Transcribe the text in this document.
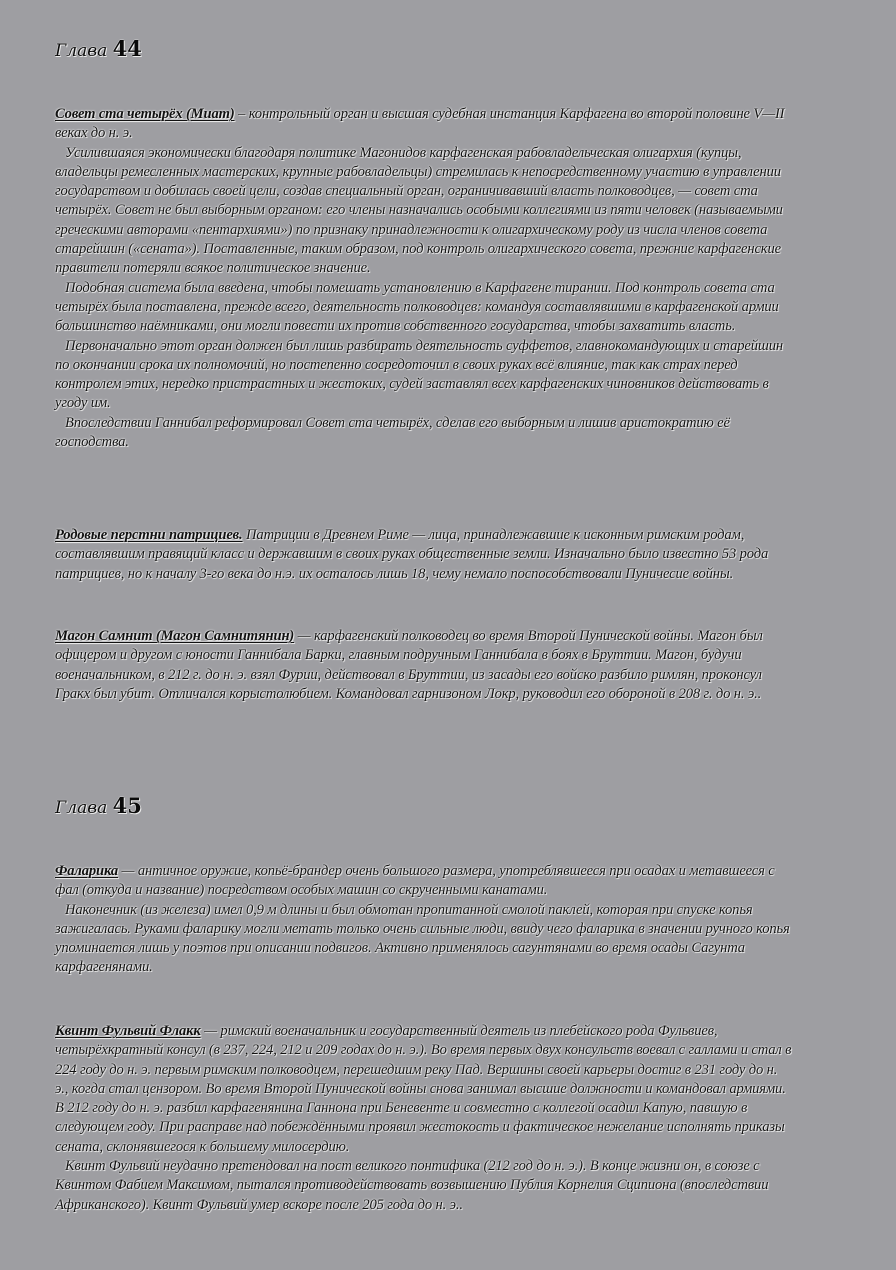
Глава 44

Совет ста четырёх (Миат) – контрольный орган и высшая судебная инстанция Карфагена во второй половине V—II веках до н. э.

Усилившаяся экономически благодаря политике Магонидов карфагенская рабовладельческая олигархия (купцы, владельцы ремесленных мастерских, крупные рабовладельцы) стремилась к непосредственному участию в управлении государством и добилась своей цели, создав специальный орган, ограничивавший власть полководцев, — совет ста четырёх. Совет не был выборным органом: его члены назначались особыми коллегиями из пяти человек (называемыми греческими авторами «пентархиями») по признаку принадлежности к олигархическому роду из числа членов совета старейшин («сената»). Поставленные, таким образом, под контроль олигархического совета, прежние карфагенские правители потеряли всякое политическое значение.

Подобная система была введена, чтобы помешать установлению в Карфагене тирании. Под контроль совета ста четырёх была поставлена, прежде всего, деятельность полководцев: командуя составлявшими в карфагенской армии большинство наёмниками, они могли повести их против собственного государства, чтобы захватить власть.

Первоначально этот орган должен был лишь разбирать деятельность суффетов, главнокомандующих и старейшин по окончании срока их полномочий, но постепенно сосредоточил в своих руках всё влияние, так как страх перед контролем этих, нередко пристрастных и жестоких, судей заставлял всех карфагенских чиновников действовать в угоду им.

Впоследствии Ганнибал реформировал Совет ста четырёх, сделав его выборным и лишив аристократию её господства.

Родовые перстни патрициев. Патриции в Древнем Риме — лица, принадлежавшие к исконным римским родам, составлявшим правящий класс и державшим в своих руках общественные земли. Изначально было известно 53 рода патрициев, но к началу 3-го века до н.э. их осталось лишь 18, чему немало поспособствовали Пуничесие войны.

Магон Самнит (Магон Самнитянин) — карфагенский полководец во время Второй Пунической войны. Магон был офицером и другом с юности Ганнибала Барки, главным подручным Ганнибала в боях в Бруттии. Магон, будучи военачальником, в 212 г. до н. э. взял Фурии, действовал в Бруттии, из засады его войско разбило римлян, проконсул Гракх был убит. Отличался корыстолюбием. Командовал гарнизоном Локр, руководил его обороной в 208 г. до н. э..

Глава 45

Фаларика — античное оружие, копьё-брандер очень большого размера, употреблявшееся при осадах и метавшееся с фал (откуда и название) посредством особых машин со скрученными канатами.

Наконечник (из железа) имел 0,9 м длины и был обмотан пропитанной смолой паклей, которая при спуске копья зажигалась. Руками фаларику могли метать только очень сильные люди, ввиду чего фаларика в значении ручного копья упоминается лишь у поэтов при описании подвигов. Активно применялось сагунтянами во время осады Сагунта карфагенянами.

Квинт Фульвий Флакк — римский военачальник и государственный деятель из плебейского рода Фульвиев, четырёхкратный консул (в 237, 224, 212 и 209 годах до н. э.). Во время первых двух консульств воевал с галлами и стал в 224 году до н. э. первым римским полководцем, перешедшим реку Пад. Вершины своей карьеры достиг в 231 году до н. э., когда стал цензором. Во время Второй Пунической войны снова занимал высшие должности и командовал армиями. В 212 году до н. э. разбил карфагенянина Ганнона при Беневенте и совместно с коллегой осадил Капую, павшую в следующем году. При расправе над побеждёнными проявил жестокость и фактическое нежелание исполнять приказы сената, склонявшегося к большему милосердию.

Квинт Фульвий неудачно претендовал на пост великого понтифика (212 год до н. э.). В конце жизни он, в союзе с Квинтом Фабием Максимом, пытался противодействовать возвышению Публия Корнелия Сципиона (впоследствии Африканского). Квинт Фульвий умер вскоре после 205 года до н. э..
